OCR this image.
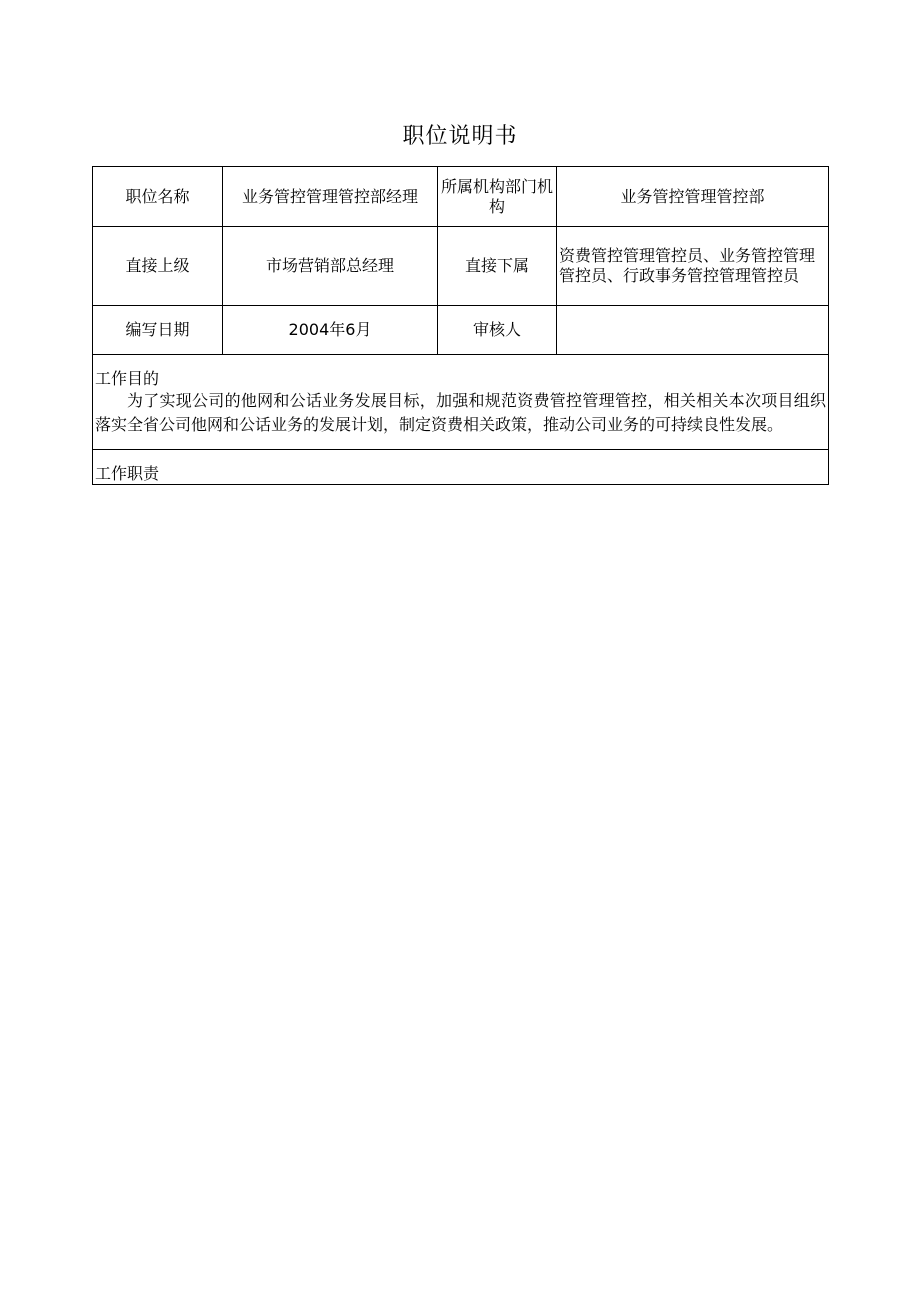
职位说明书
职位名称	业务管控管理管控部经理	所属机构部门机构	业务管控管理管控部
直接上级	市场营销部总经理	直接下属	资费管控管理管控员、业务管控管理管控员、行政事务管控管理管控员
编写日期	2004年6月	审核人	

工作目的
为了实现公司的他网和公话业务发展目标，加强和规范资费管控管理管控，相关相关本次项目组织落实全省公司他网和公话业务的发展计划，制定资费相关政策，推动公司业务的可持续良性发展。			

工作职责			
